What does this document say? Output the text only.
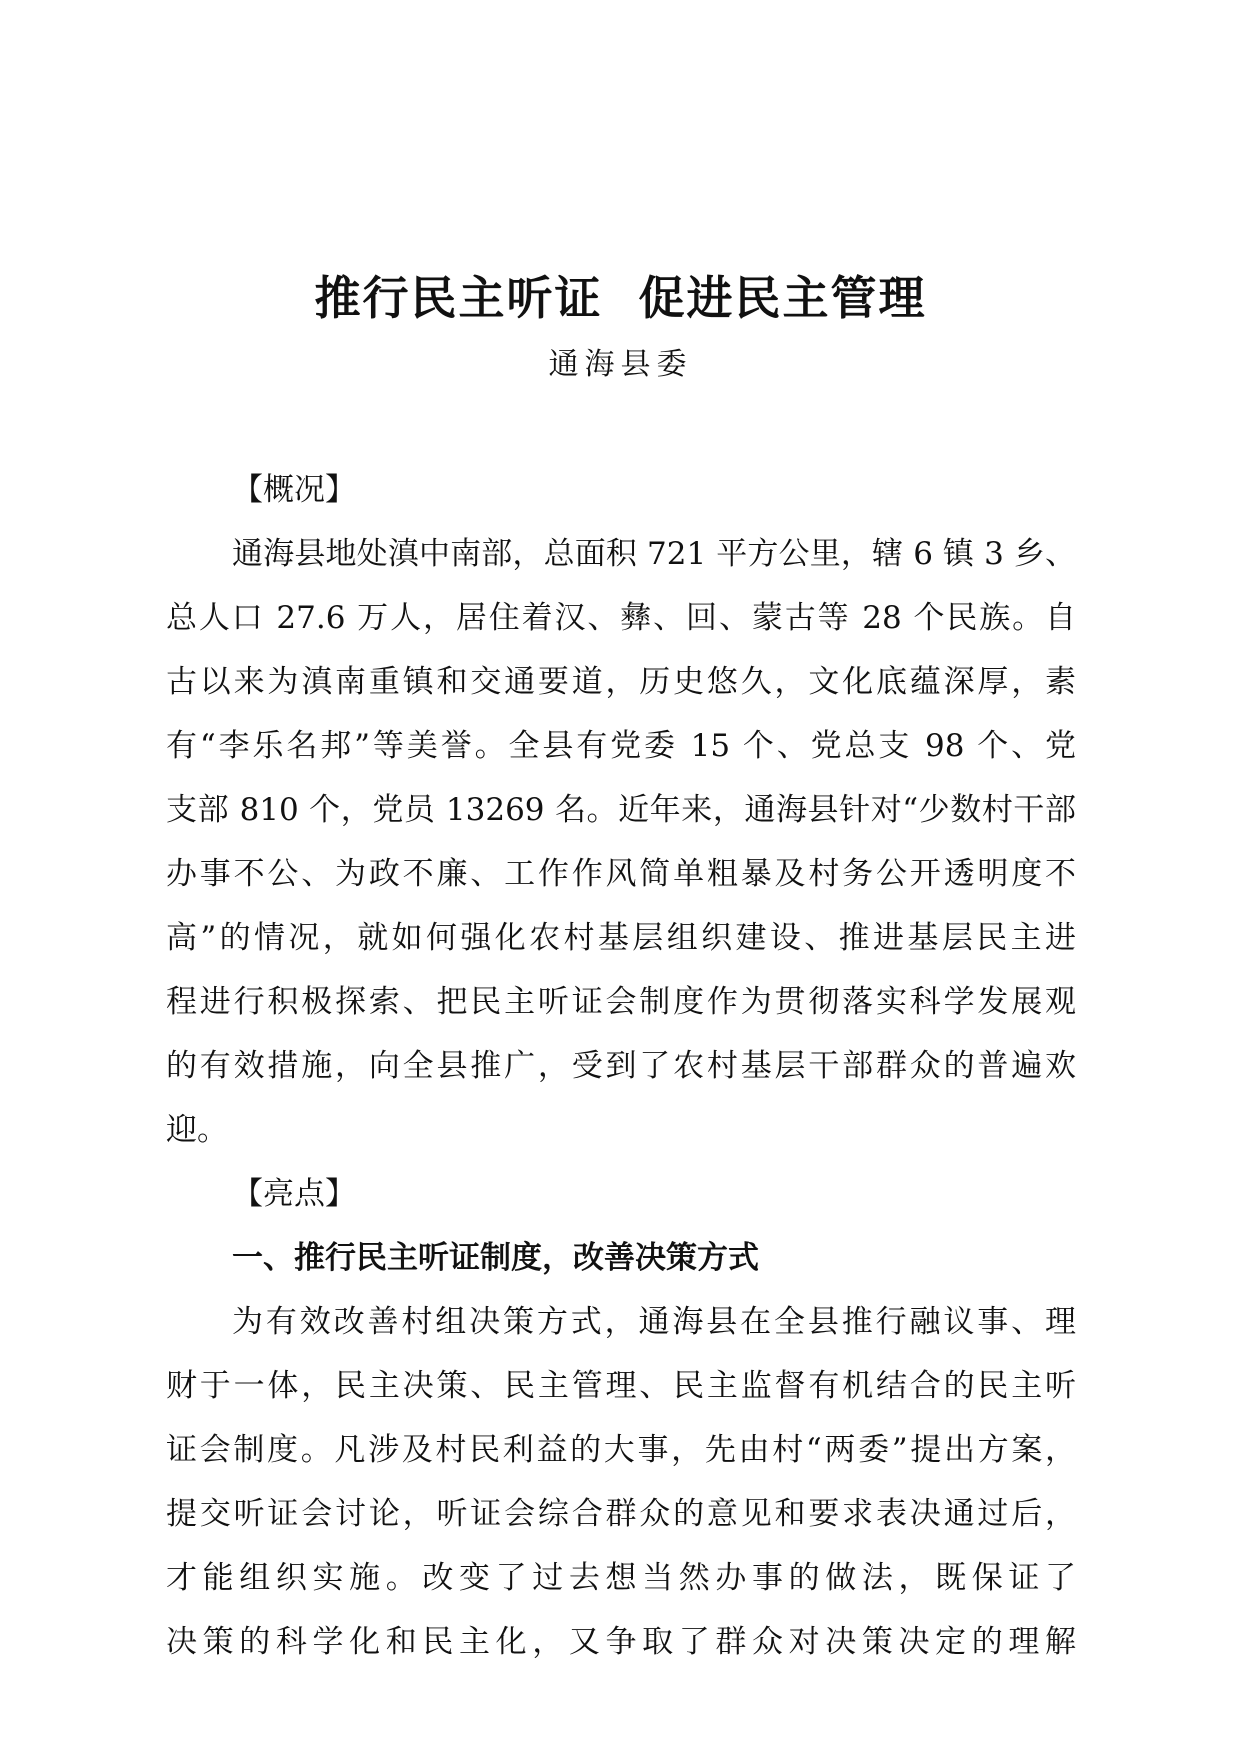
推行民主听证  促进民主管理
通海县委
【概况】
通海县地处滇中南部，总面积 721 平方公里，辖 6 镇 3 乡、
总人口 27.6 万人，居住着汉、彝、回、蒙古等 28 个民族。自
古以来为滇南重镇和交通要道，历史悠久，文化底蕴深厚，素
有“李乐名邦”等美誉。全县有党委 15 个、党总支 98 个、党
支部 810 个，党员 13269 名。近年来，通海县针对“少数村干部
办事不公、为政不廉、工作作风简单粗暴及村务公开透明度不
高”的情况，就如何强化农村基层组织建设、推进基层民主进
程进行积极探索、把民主听证会制度作为贯彻落实科学发展观
的有效措施，向全县推广，受到了农村基层干部群众的普遍欢
迎。
【亮点】
一、推行民主听证制度，改善决策方式
为有效改善村组决策方式，通海县在全县推行融议事、理
财于一体，民主决策、民主管理、民主监督有机结合的民主听
证会制度。凡涉及村民利益的大事，先由村“两委”提出方案，
提交听证会讨论，听证会综合群众的意见和要求表决通过后，
才能组织实施。改变了过去想当然办事的做法，既保证了
决策的科学化和民主化，又争取了群众对决策决定的理解
